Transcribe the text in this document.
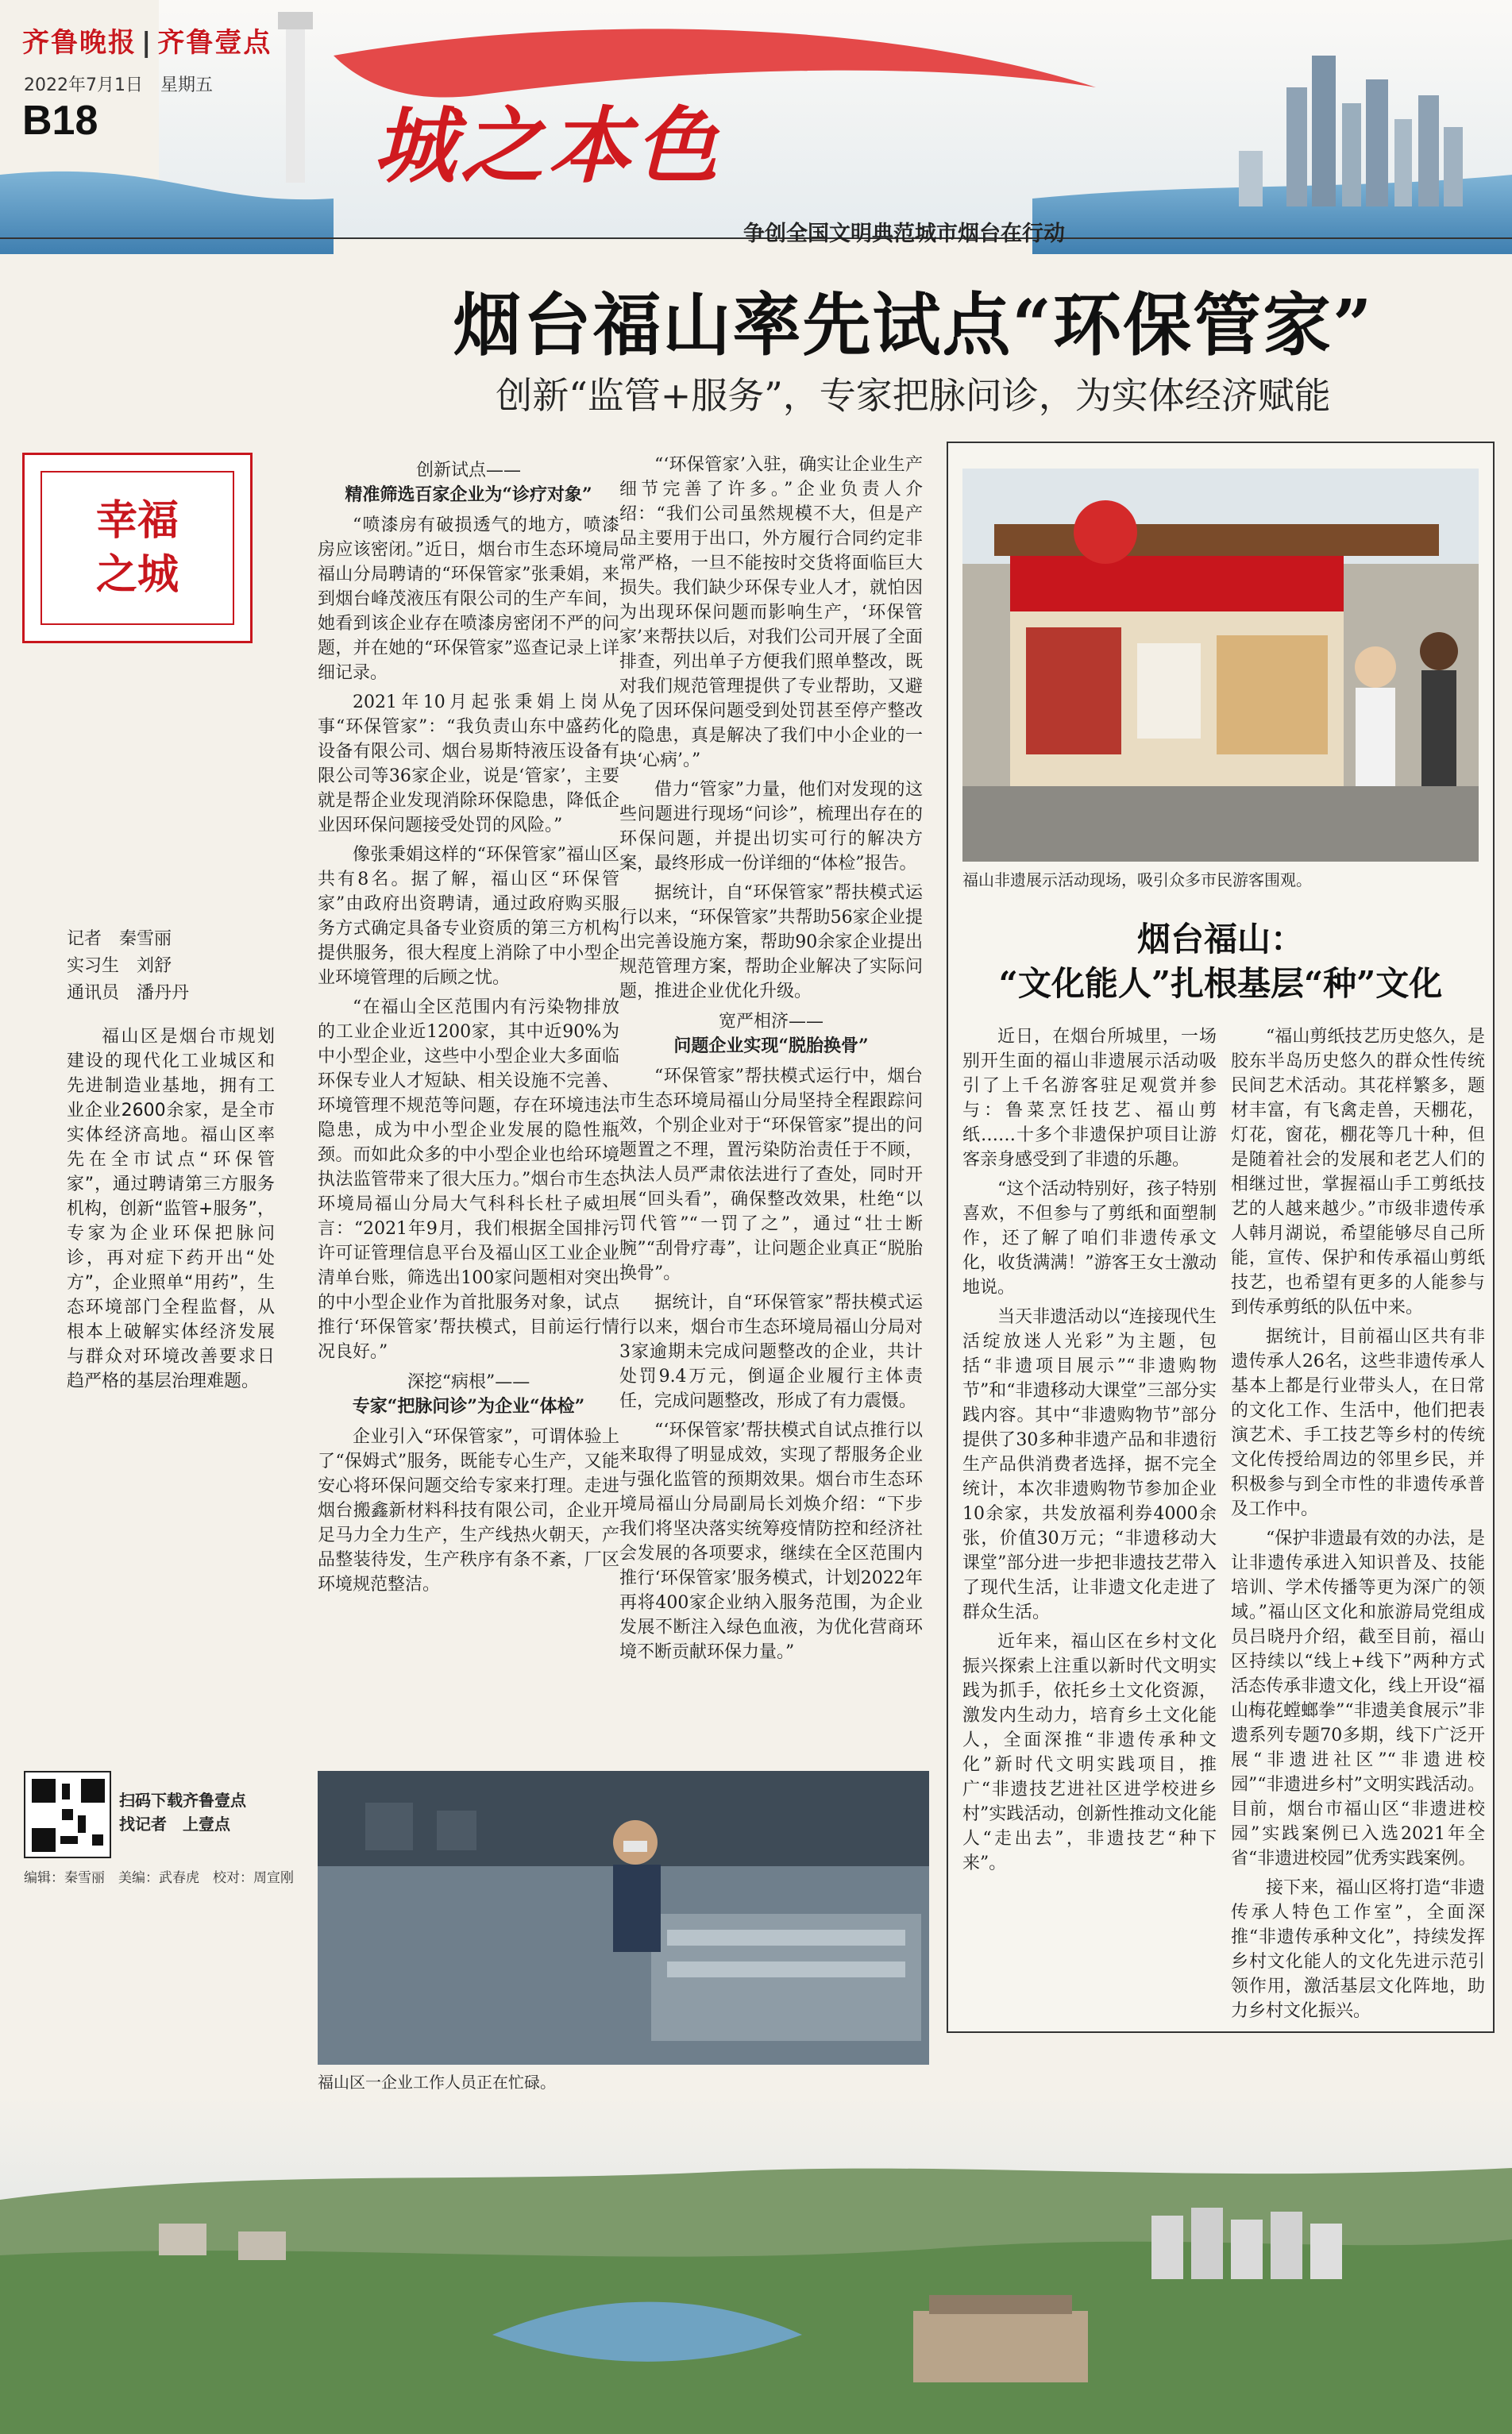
齐鲁晚报 | 齐鲁壹点
2022年7月1日　星期五
B18	城之本色
争创全国文明典范城市烟台在行动
烟台福山率先试点“环保管家”
创新“监管+服务”，专家把脉问诊，为实体经济赋能
幸福之城
记者　秦雪丽
实习生　刘舒
通讯员　潘丹丹

福山区是烟台市规划建设的现代化工业城区和先进制造业基地，拥有工业企业2600余家，是全市实体经济高地。福山区率先在全市试点“环保管家”，通过聘请第三方服务机构，创新“监管+服务”，专家为企业环保把脉问诊，再对症下药开出“处方”，企业照单“用药”，生态环境部门全程监督，从根本上破解实体经济发展与群众对环境改善要求日趋严格的基层治理难题。

扫码下载齐鲁壹点
找记者　上壹点
编辑：秦雪丽　美编：武春虎　校对：周宣刚
创新试点——
精准筛选百家企业为“诊疗对象”

“喷漆房有破损透气的地方，喷漆房应该密闭。”近日，烟台市生态环境局福山分局聘请的“环保管家”张秉娟，来到烟台峰茂液压有限公司的生产车间，她看到该企业存在喷漆房密闭不严的问题，并在她的“环保管家”巡查记录上详细记录。

2021年10月起张秉娟上岗从事“环保管家”：“我负责山东中盛药化设备有限公司、烟台易斯特液压设备有限公司等36家企业，说是‘管家’，主要就是帮企业发现消除环保隐患，降低企业因环保问题接受处罚的风险。”

像张秉娟这样的“环保管家”福山区共有8名。据了解，福山区“环保管家”由政府出资聘请，通过政府购买服务方式确定具备专业资质的第三方机构提供服务，很大程度上消除了中小型企业环境管理的后顾之忧。

“在福山全区范围内有污染物排放的工业企业近1200家，其中近90%为中小型企业，这些中小型企业大多面临环保专业人才短缺、相关设施不完善、环境管理不规范等问题，存在环境违法隐患，成为中小型企业发展的隐性瓶颈。而如此众多的中小型企业也给环境执法监管带来了很大压力。”烟台市生态环境局福山分局大气科科长杜子威坦言：“2021年9月，我们根据全国排污许可证管理信息平台及福山区工业企业清单台账，筛选出100家问题相对突出的中小型企业作为首批服务对象，试点推行‘环保管家’帮扶模式，目前运行情况良好。”

深挖“病根”——
专家“把脉问诊”为企业“体检”

企业引入“环保管家”，可谓体验上了“保姆式”服务，既能专心生产，又能安心将环保问题交给专家来打理。走进烟台搬鑫新材料科技有限公司，企业开足马力全力生产，生产线热火朝天，产品整装待发，生产秩序有条不紊，厂区环境规范整洁。

“‘环保管家’入驻，确实让企业生产细节完善了许多。”企业负责人介绍：“我们公司虽然规模不大，但是产品主要用于出口，外方履行合同约定非常严格，一旦不能按时交货将面临巨大损失。我们缺少环保专业人才，就怕因为出现环保问题而影响生产，‘环保管家’来帮扶以后，对我们公司开展了全面排查，列出单子方便我们照单整改，既对我们规范管理提供了专业帮助，又避免了因环保问题受到处罚甚至停产整改的隐患，真是解决了我们中小企业的一块‘心病’。”

借力“管家”力量，他们对发现的这些问题进行现场“问诊”，梳理出存在的环保问题，并提出切实可行的解决方案，最终形成一份详细的“体检”报告。

据统计，自“环保管家”帮扶模式运行以来，“环保管家”共帮助56家企业提出完善设施方案，帮助90余家企业提出规范管理方案，帮助企业解决了实际问题，推进企业优化升级。

宽严相济——
问题企业实现“脱胎换骨”

“环保管家”帮扶模式运行中，烟台市生态环境局福山分局坚持全程跟踪问效，个别企业对于“环保管家”提出的问题置之不理，置污染防治责任于不顾，执法人员严肃依法进行了查处，同时开展“回头看”，确保整改效果，杜绝“以罚代管”“一罚了之”，通过“壮士断腕”“刮骨疗毒”，让问题企业真正“脱胎换骨”。

据统计，自“环保管家”帮扶模式运行以来，烟台市生态环境局福山分局对3家逾期未完成问题整改的企业，共计处罚9.4万元，倒逼企业履行主体责任，完成问题整改，形成了有力震慑。

“‘环保管家’帮扶模式自试点推行以来取得了明显成效，实现了帮服务企业与强化监管的预期效果。烟台市生态环境局福山分局副局长刘焕介绍：“下步我们将坚决落实统筹疫情防控和经济社会发展的各项要求，继续在全区范围内推行‘环保管家’服务模式，计划2022年再将400家企业纳入服务范围，为企业发展不断注入绿色血液，为优化营商环境不断贡献环保力量。”

福山区一企业工作人员正在忙碌。
福山非遗展示活动现场，吸引众多市民游客围观。
烟台福山：
“文化能人”扎根基层“种”文化

近日，在烟台所城里，一场别开生面的福山非遗展示活动吸引了上千名游客驻足观赏并参与：鲁菜烹饪技艺、福山剪纸……十多个非遗保护项目让游客亲身感受到了非遗的乐趣。

“这个活动特别好，孩子特别喜欢，不但参与了剪纸和面塑制作，还了解了咱们非遗传承文化，收货满满！”游客王女士激动地说。

当天非遗活动以“连接现代生活绽放迷人光彩”为主题，包括“非遗项目展示”“非遗购物节”和“非遗移动大课堂”三部分实践内容。其中“非遗购物节”部分提供了30多种非遗产品和非遗衍生产品供消费者选择，据不完全统计，本次非遗购物节参加企业10余家，共发放福利券4000余张，价值30万元；“非遗移动大课堂”部分进一步把非遗技艺带入了现代生活，让非遗文化走进了群众生活。

近年来，福山区在乡村文化振兴探索上注重以新时代文明实践为抓手，依托乡土文化资源，激发内生动力，培育乡土文化能人，全面深推“非遗传承种文化”新时代文明实践项目，推广“非遗技艺进社区进学校进乡村”实践活动，创新性推动文化能人“走出去”，非遗技艺“种下来”。

“福山剪纸技艺历史悠久，是胶东半岛历史悠久的群众性传统民间艺术活动。其花样繁多，题材丰富，有飞禽走兽，天棚花，灯花，窗花，棚花等几十种，但是随着社会的发展和老艺人们的相继过世，掌握福山手工剪纸技艺的人越来越少。”市级非遗传承人韩月湖说，希望能够尽自己所能，宣传、保护和传承福山剪纸技艺，也希望有更多的人能参与到传承剪纸的队伍中来。

据统计，目前福山区共有非遗传承人26名，这些非遗传承人基本上都是行业带头人，在日常的文化工作、生活中，他们把表演艺术、手工技艺等乡村的传统文化传授给周边的邻里乡民，并积极参与到全市性的非遗传承普及工作中。

“保护非遗最有效的办法，是让非遗传承进入知识普及、技能培训、学术传播等更为深广的领域。”福山区文化和旅游局党组成员吕晓丹介绍，截至目前，福山区持续以“线上+线下”两种方式活态传承非遗文化，线上开设“福山梅花螳螂拳”“非遗美食展示”非遗系列专题70多期，线下广泛开展“非遗进社区”“非遗进校园”“非遗进乡村”文明实践活动。目前，烟台市福山区“非遗进校园”实践案例已入选2021年全省“非遗进校园”优秀实践案例。

接下来，福山区将打造“非遗传承人特色工作室”，全面深推“非遗传承种文化”，持续发挥乡村文化能人的文化先进示范引领作用，激活基层文化阵地，助力乡村文化振兴。
